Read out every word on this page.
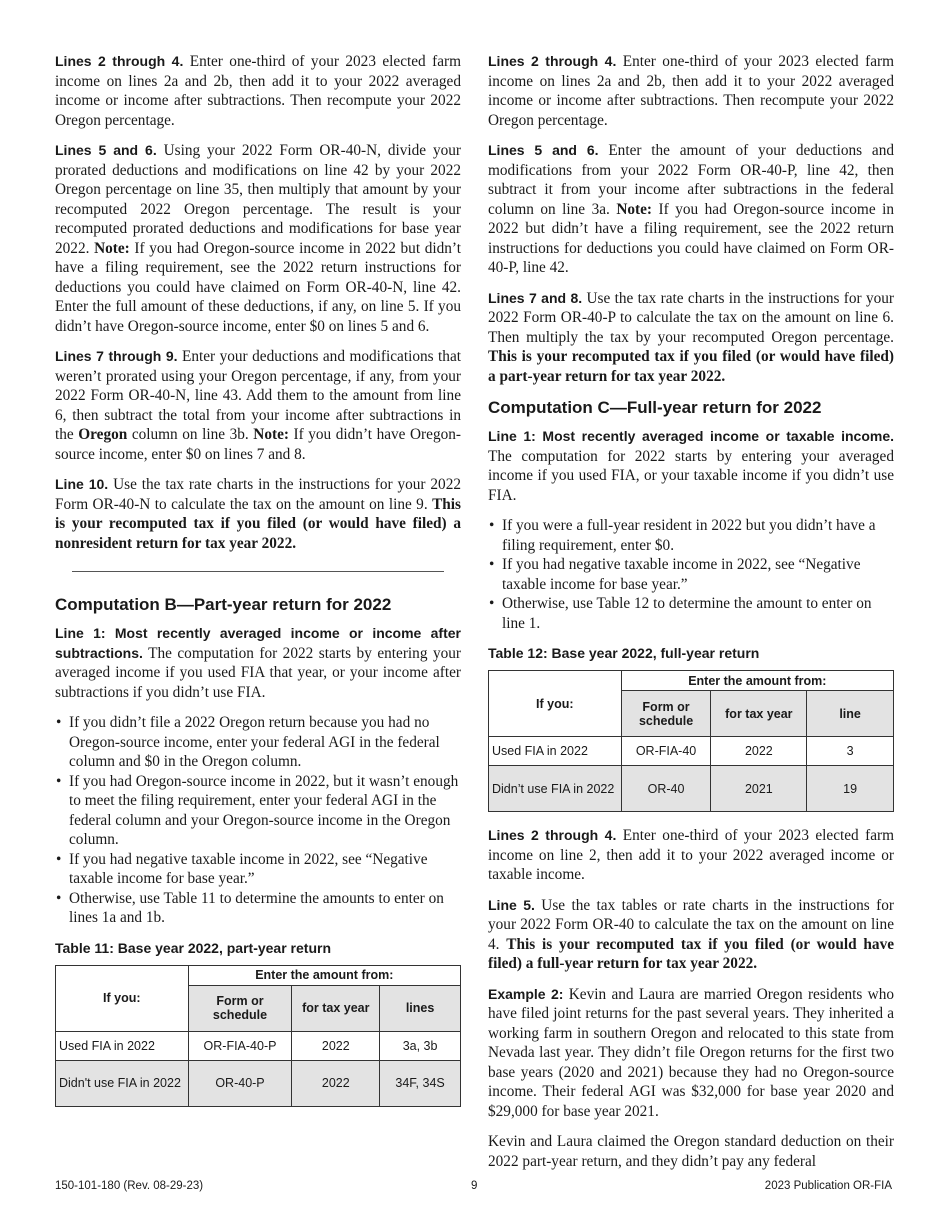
Lines 2 through 4. Enter one-third of your 2023 elected farm income on lines 2a and 2b, then add it to your 2022 averaged income or income after subtractions. Then recompute your 2022 Oregon percentage.

Lines 5 and 6. Using your 2022 Form OR-40-N, divide your prorated deductions and modifications on line 42 by your 2022 Oregon percentage on line 35, then multiply that amount by your recomputed 2022 Oregon percentage. The result is your recomputed prorated deductions and modifications for base year 2022. Note: If you had Oregon-source income in 2022 but didn’t have a filing requirement, see the 2022 return instructions for deductions you could have claimed on Form OR-40-N, line 42. Enter the full amount of these deductions, if any, on line 5. If you didn’t have Oregon-source income, enter $0 on lines 5 and 6.

Lines 7 through 9. Enter your deductions and modifications that weren’t prorated using your Oregon percentage, if any, from your 2022 Form OR-40-N, line 43. Add them to the amount from line 6, then subtract the total from your income after subtractions in the Oregon column on line 3b. Note: If you didn’t have Oregon-source income, enter $0 on lines 7 and 8.

Line 10. Use the tax rate charts in the instructions for your 2022 Form OR-40-N to calculate the tax on the amount on line 9. This is your recomputed tax if you filed (or would have filed) a nonresident return for tax year 2022.

Computation B—Part-year return for 2022

Line 1: Most recently averaged income or income after subtractions. The computation for 2022 starts by entering your averaged income if you used FIA that year, or your income after subtractions if you didn’t use FIA.

• If you didn’t file a 2022 Oregon return because you had no Oregon-source income, enter your federal AGI in the federal column and $0 in the Oregon column.
• If you had Oregon-source income in 2022, but it wasn’t enough to meet the filing requirement, enter your federal AGI in the federal column and your Oregon-source income in the Oregon column.
• If you had negative taxable income in 2022, see “Negative taxable income for base year.”
• Otherwise, use Table 11 to determine the amounts to enter on lines 1a and 1b.
Table 11: Base year 2022, part-year return
If you:	Enter the amount from:		
	Form or schedule	for tax year	lines
Used FIA in 2022	OR-FIA-40-P	2022	3a, 3b
Didn't use FIA in 2022	OR-40-P	2022	34F, 34S

Lines 2 through 4. Enter one-third of your 2023 elected farm income on lines 2a and 2b, then add it to your 2022 averaged income or income after subtractions. Then recompute your 2022 Oregon percentage.

Lines 5 and 6. Enter the amount of your deductions and modifications from your 2022 Form OR-40-P, line 42, then subtract it from your income after subtractions in the federal column on line 3a. Note: If you had Oregon-source income in 2022 but didn’t have a filing requirement, see the 2022 return instructions for deductions you could have claimed on Form OR-40-P, line 42.

Lines 7 and 8. Use the tax rate charts in the instructions for your 2022 Form OR-40-P to calculate the tax on the amount on line 6. Then multiply the tax by your recomputed Oregon percentage. This is your recomputed tax if you filed (or would have filed) a part-year return for tax year 2022.

Computation C—Full-year return for 2022

Line 1: Most recently averaged income or taxable income. The computation for 2022 starts by entering your averaged income if you used FIA, or your taxable income if you didn’t use FIA.

• If you were a full-year resident in 2022 but you didn’t have a filing requirement, enter $0.
• If you had negative taxable income in 2022, see “Negative taxable income for base year.”
• Otherwise, use Table 12 to determine the amount to enter on line 1.
Table 12: Base year 2022, full-year return
If you:	Enter the amount from:		
	Form or schedule	for tax year	line
Used FIA in 2022	OR-FIA-40	2022	3
Didn’t use FIA in 2022	OR-40	2021	19

Lines 2 through 4. Enter one-third of your 2023 elected farm income on line 2, then add it to your 2022 averaged income or taxable income.

Line 5. Use the tax tables or rate charts in the instructions for your 2022 Form OR-40 to calculate the tax on the amount on line 4. This is your recomputed tax if you filed (or would have filed) a full-year return for tax year 2022.

Example 2: Kevin and Laura are married Oregon residents who have filed joint returns for the past several years. They inherited a working farm in southern Oregon and relocated to this state from Nevada last year. They didn’t file Oregon returns for the first two base years (2020 and 2021) because they had no Oregon-source income. Their federal AGI was $32,000 for base year 2020 and $29,000 for base year 2021.

Kevin and Laura claimed the Oregon standard deduction on their 2022 part-year return, and they didn’t pay any federal

150-101-180 (Rev. 08-29-23)	9	2023 Publication OR-FIA
